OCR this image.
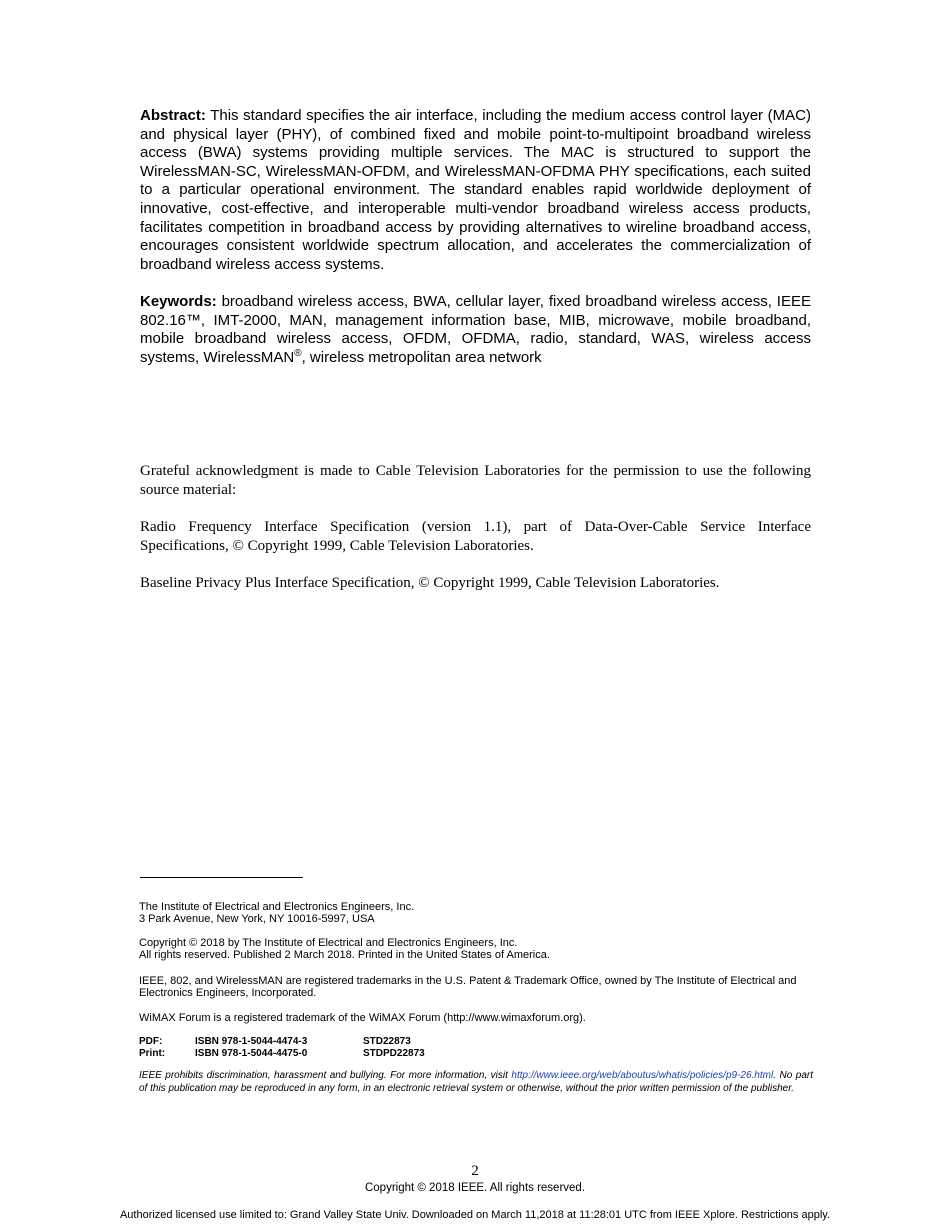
Abstract: This standard specifies the air interface, including the medium access control layer (MAC) and physical layer (PHY), of combined fixed and mobile point-to-multipoint broadband wireless access (BWA) systems providing multiple services. The MAC is structured to support the WirelessMAN-SC, WirelessMAN-OFDM, and WirelessMAN-OFDMA PHY specifications, each suited to a particular operational environment. The standard enables rapid worldwide deployment of innovative, cost-effective, and interoperable multi-vendor broadband wireless access products, facilitates competition in broadband access by providing alternatives to wireline broadband access, encourages consistent worldwide spectrum allocation, and accelerates the commercialization of broadband wireless access systems.
Keywords: broadband wireless access, BWA, cellular layer, fixed broadband wireless access, IEEE 802.16™, IMT-2000, MAN, management information base, MIB, microwave, mobile broadband, mobile broadband wireless access, OFDM, OFDMA, radio, standard, WAS, wireless access systems, WirelessMAN®, wireless metropolitan area network
Grateful acknowledgment is made to Cable Television Laboratories for the permission to use the following source material:
Radio Frequency Interface Specification (version 1.1), part of Data-Over-Cable Service Interface Specifications, © Copyright 1999, Cable Television Laboratories.
Baseline Privacy Plus Interface Specification, © Copyright 1999, Cable Television Laboratories.
The Institute of Electrical and Electronics Engineers, Inc.
3 Park Avenue, New York, NY 10016-5997, USA
Copyright © 2018 by The Institute of Electrical and Electronics Engineers, Inc.
All rights reserved. Published 2 March 2018. Printed in the United States of America.
IEEE, 802, and WirelessMAN are registered trademarks in the U.S. Patent & Trademark Office, owned by The Institute of Electrical and Electronics Engineers, Incorporated.
WiMAX Forum is a registered trademark of the WiMAX Forum (http://www.wimaxforum.org).
PDF:	ISBN 978-1-5044-4474-3	STD22873
Print:	ISBN 978-1-5044-4475-0	STDPD22873
IEEE prohibits discrimination, harassment and bullying. For more information, visit http://www.ieee.org/web/aboutus/whatis/policies/p9-26.html. No part of this publication may be reproduced in any form, in an electronic retrieval system or otherwise, without the prior written permission of the publisher.
2
Copyright © 2018 IEEE. All rights reserved.
Authorized licensed use limited to: Grand Valley State Univ. Downloaded on March 11,2018 at 11:28:01 UTC from IEEE Xplore. Restrictions apply.
